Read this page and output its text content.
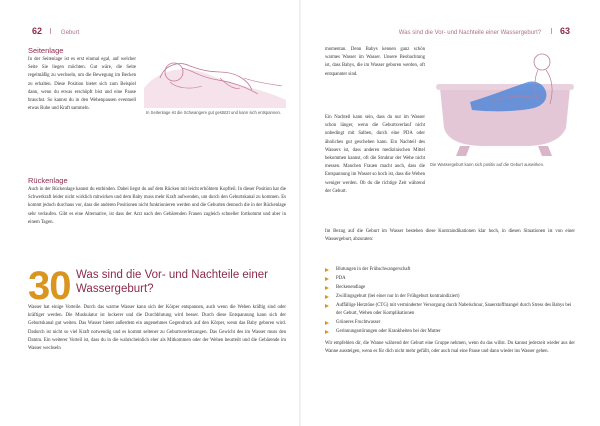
62	Geburt
Seitenlage

In der Seitenlage ist es erst einmal egal, auf welcher Seite Sie liegen möchten. Gut wäre, die Seite regelmäßig zu wechseln, um die Bewegung im Becken zu erhalten. Diese Position bietet sich zum Beispiel dann, wenn du etwas erschöpft bist und eine Pause brauchst. So kannst du in den Wehenpausen eventuell etwas Ruhe und Kraft sammeln.

In Seitenlage ist die Schwangere gut gestützt und kann sich entspannen.
Rückenlage

Auch in der Rückenlage kannst du entbinden. Dabei liegst du auf dem Rücken mit leicht erhöhtem Kopfteil. In dieser Position hat die Schwerkraft leider nicht wirklich mitwirken und dem Baby muss mehr Kraft aufwenden, um durch den Geburtskanal zu kommen. Es kommt jedoch durchaus vor, dass die anderen Positionen nicht funktionieren werden und die Geburten dennoch die in der Rückenlage sehr verlaufen. Gibt es eine Alternative, ist dass der Arzt nach den Gebärenden Frauen zugleich schneller fortkommt und aber in einem Tagen.

30 Was sind die Vor- und Nachteile einer Wassergeburt?

Wasser hat einige Vorteile. Durch das warme Wasser kann sich der Körper entspannen, auch wenn die Wehen kräftig sind oder kräftiger werden. Die Muskulatur ist lockerer und die Durchblutung wird besser. Durch diese Entspannung kann sich der Geburtskanal gut weiten. Das Wasser bietet außerdem ein angenehmes Gegendruck auf den Körper, wenn das Baby geboren wird. Dadurch ist nicht so viel Kraft notwendig und es kommt seltener zu Geburtsverletzungen. Das Gewicht des im Wasser muss den Damm. Ein weiterer Vorteil ist, dass du in die wahrscheinlich eher als Mitkommen oder der Wehen beurteilt und die Gebärende im Wasser wechseln

Was sind die Vor- und Nachteile einer Wassergeburt? 63

momentan. Denn Babys kennen ganz schön warmes Wasser im Wasser. Unsere Beobachtung ist, dass Babys, die im Wasser geboren werden, oft entspannter sind.

Ein Nachteil kann sein, dass du nur im Wasser schon länger, wenn die Geburtsverlauf nicht unbedingt mit Salben, durch eine PDA oder ähnliches gut geschehen kann. Ein Nachteil des Wassers ist, dass anderen medizinischen Mittel bekommen kannst, oft die Struktur der Wehe nicht messen. Manchen Frauen macht auch, dass die Entspannung im Wasser so hoch ist, dass die Wehen weniger werden. Ob du die richtige Zeit während der Geburt.

Die Wassergeburt kann sich positiv auf die Geburt auswirken.

Im Bezug auf die Geburt im Wasser bestehen diese Kontraindikationen klar hoch, in diesen Situationen ist von einer Wassergeburt, abzuraten:

Blutungen in der Frühschwangerschaft
PDA
Beckenendlage
Zwillingsgeburt (bei einer nur in der Frühgeburt kontraindiziert)
Auffällige Herztöne (CTG) mit verminderter Versorgung durch Nabelschnur, Sauerstoffmangel durch Stress des Babys bei der Geburt, Wehen oder Komplikationen
Grüneres Fruchtwasser
Gerinnungsstörungen oder Krankheiten bei der Mutter

Wir empfehlen dir, die Wanne während der Geburt eine Gruppe nehmen, wenn du das willst. Du kannst jederzeit wieder aus der Wanne aussteigen, wenn es für dich nicht mehr gefällt, oder auch mal eine Pause und dann wieder ins Wasser gehen.
